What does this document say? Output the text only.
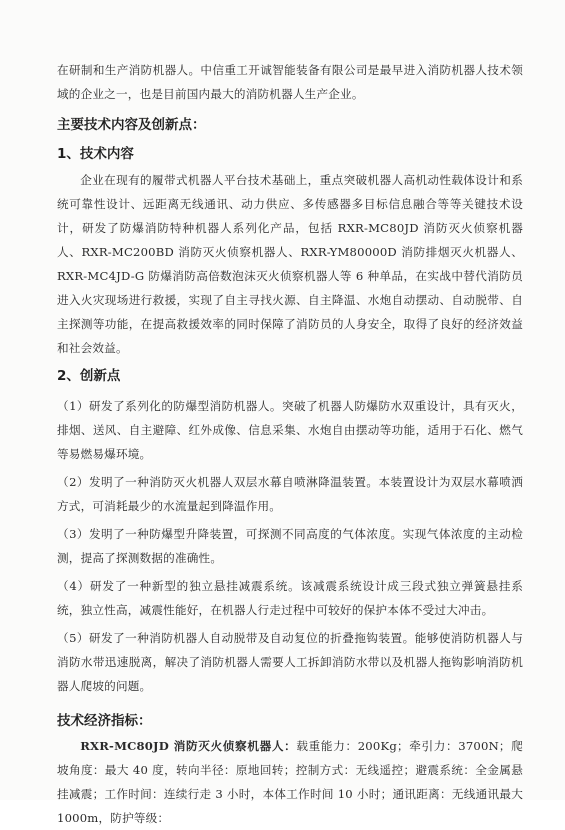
在研制和生产消防机器人。中信重工开诚智能装备有限公司是最早进入消防机器人技术领域的企业之一，也是目前国内最大的消防机器人生产企业。

主要技术内容及创新点：
1、技术内容

企业在现有的履带式机器人平台技术基础上，重点突破机器人高机动性载体设计和系统可靠性设计、远距离无线通讯、动力供应、多传感器多目标信息融合等等关键技术设计，研发了防爆消防特种机器人系列化产品，包括 RXR-MC80JD 消防灭火侦察机器人、RXR-MC200BD 消防灭火侦察机器人、RXR-YM80000D 消防排烟灭火机器人、RXR-MC4JD-G 防爆消防高倍数泡沫灭火侦察机器人等 6 种单品，在实战中替代消防员进入火灾现场进行救援，实现了自主寻找火源、自主降温、水炮自动摆动、自动脱带、自主探测等功能，在提高救援效率的同时保障了消防员的人身安全，取得了良好的经济效益和社会效益。

2、创新点

（1）研发了系列化的防爆型消防机器人。突破了机器人防爆防水双重设计，具有灭火，排烟、送风、自主避障、红外成像、信息采集、水炮自由摆动等功能，适用于石化、燃气等易燃易爆环境。

（2）发明了一种消防灭火机器人双层水幕自喷淋降温装置。本装置设计为双层水幕喷洒方式，可消耗最少的水流量起到降温作用。

（3）发明了一种防爆型升降装置，可探测不同高度的气体浓度。实现气体浓度的主动检测，提高了探测数据的准确性。

（4）研发了一种新型的独立悬挂减震系统。该减震系统设计成三段式独立弹簧悬挂系统，独立性高，减震性能好，在机器人行走过程中可较好的保护本体不受过大冲击。

（5）研发了一种消防机器人自动脱带及自动复位的折叠拖钩装置。能够使消防机器人与消防水带迅速脱离，解决了消防机器人需要人工拆卸消防水带以及机器人拖钩影响消防机器人爬坡的问题。

技术经济指标：

RXR-MC80JD 消防灭火侦察机器人：载重能力：200Kg；牵引力：3700N；爬坡角度：最大 40 度，转向半径：原地回转；控制方式：无线遥控；避震系统：全金属悬挂减震；工作时间：连续行走 3 小时，本体工作时间 10 小时；通讯距离：无线通讯最大 1000m，防护等级：
